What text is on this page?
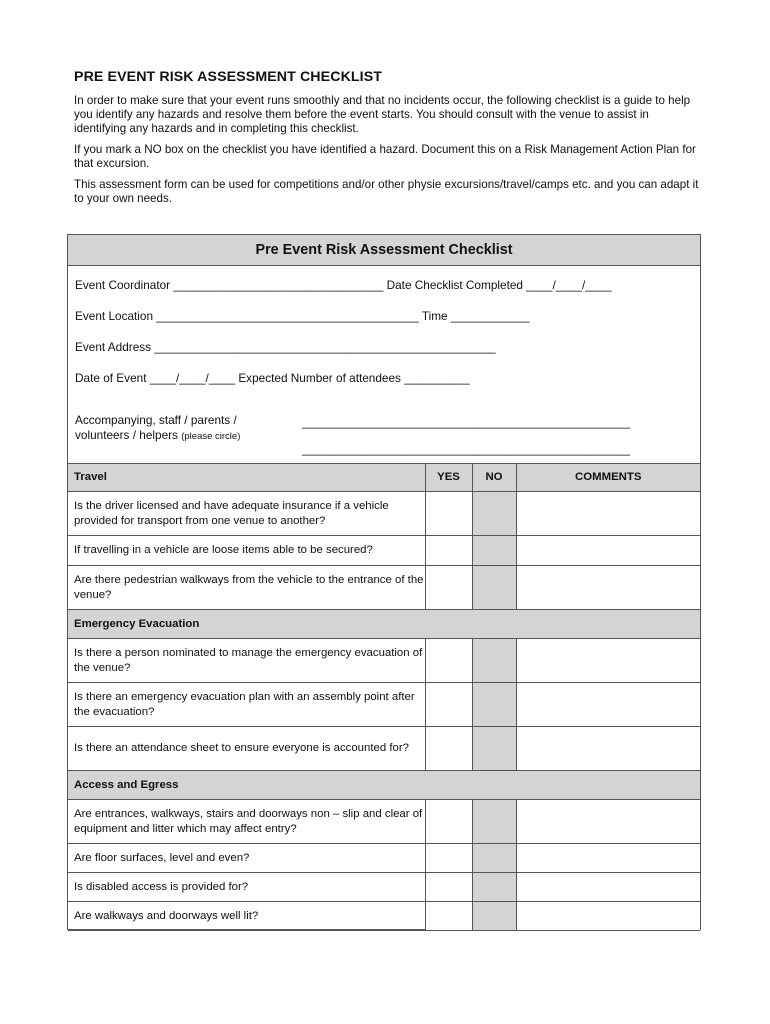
PRE EVENT RISK ASSESSMENT CHECKLIST
In order to make sure that your event runs smoothly and that no incidents occur, the following checklist is a guide to help you identify any hazards and resolve them before the event starts. You should consult with the venue to assist in identifying any hazards and in completing this checklist.
If you mark a NO box on the checklist you have identified a hazard. Document this on a Risk Management Action Plan for that excursion.
This assessment form can be used for competitions and/or other physie excursions/travel/camps etc. and you can adapt it to your own needs.
Pre Event Risk Assessment Checklist
Event Coordinator ________________________________ Date Checklist Completed ____/____/____
Event Location ________________________________________ Time ____________
Event Address ____________________________________________________
Date of Event ____/____/____ Expected Number of attendees __________
Accompanying, staff / parents /
volunteers / helpers (please circle)
__________________________________________________
__________________________________________________
Travel	YES	NO	COMMENTS
Is the driver licensed and have adequate insurance if a vehicle provided for transport from one venue to another?			
If travelling in a vehicle are loose items able to be secured?			
Are there pedestrian walkways from the vehicle to the entrance of the venue?			
Emergency Evacuation			
Is there a person nominated to manage the emergency evacuation of the venue?			
Is there an emergency evacuation plan with an assembly point after the evacuation?			
Is there an attendance sheet to ensure everyone is accounted for?			
Access and Egress			
Are entrances, walkways, stairs and doorways non – slip and clear of equipment and litter which may affect entry?			
Are floor surfaces, level and even?			
Is disabled access is provided for?			
Are walkways and doorways well lit?			
